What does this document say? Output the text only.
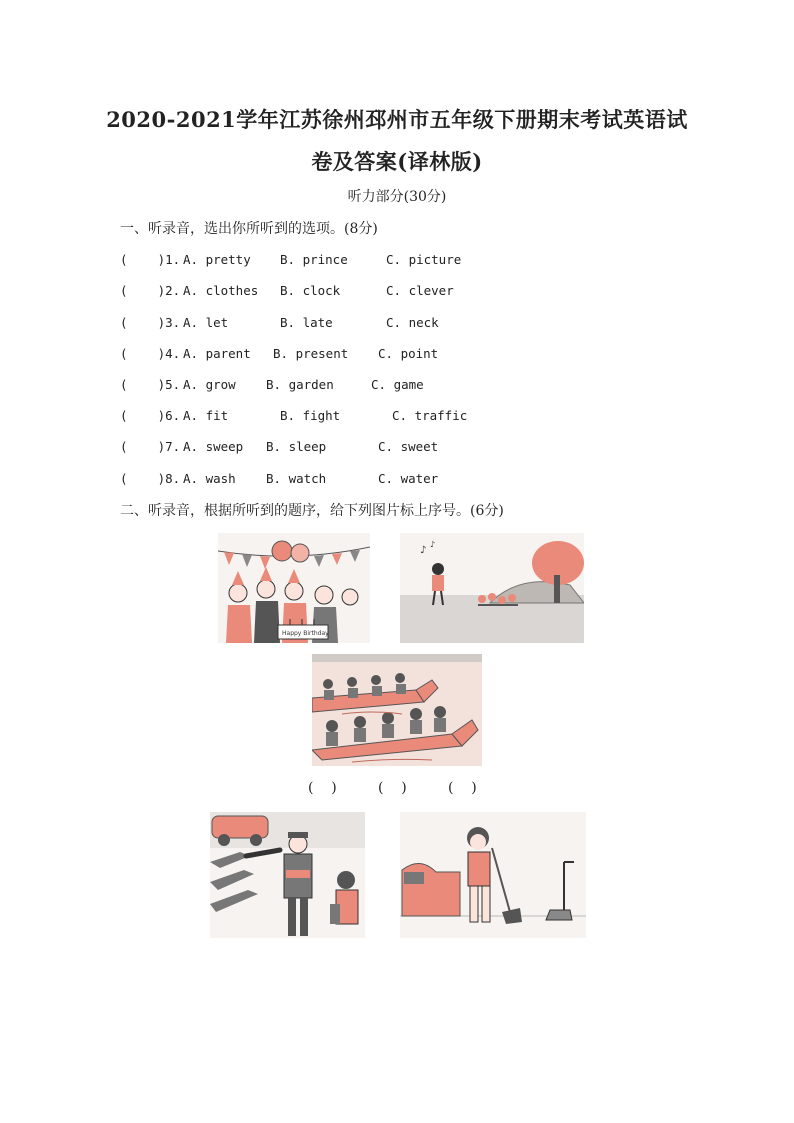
2020-2021学年江苏徐州邳州市五年级下册期末考试英语试
卷及答案(译林版)
听力部分(30分)
一、听录音，选出你所听到的选项。(8分)
(    )1. A. pretty B. prince	C. picture
(    )2. A. clothes B. clock	C. clever
(    )3. A. let	B. late	C. neck
(    )4. A. parent B. present C. point
(    )5. A. grow B. garden	C. game
(    )6. A. fit	B. fight	C. traffic
(    )7. A. sweep B. sleep	C. sweet
(    )8. A. wash B. watch	C. water
二、听录音，根据所听到的题序，给下列图片标上序号。(6分)
Happy Birthday
♪
♪
(    )	(    )	(    )
